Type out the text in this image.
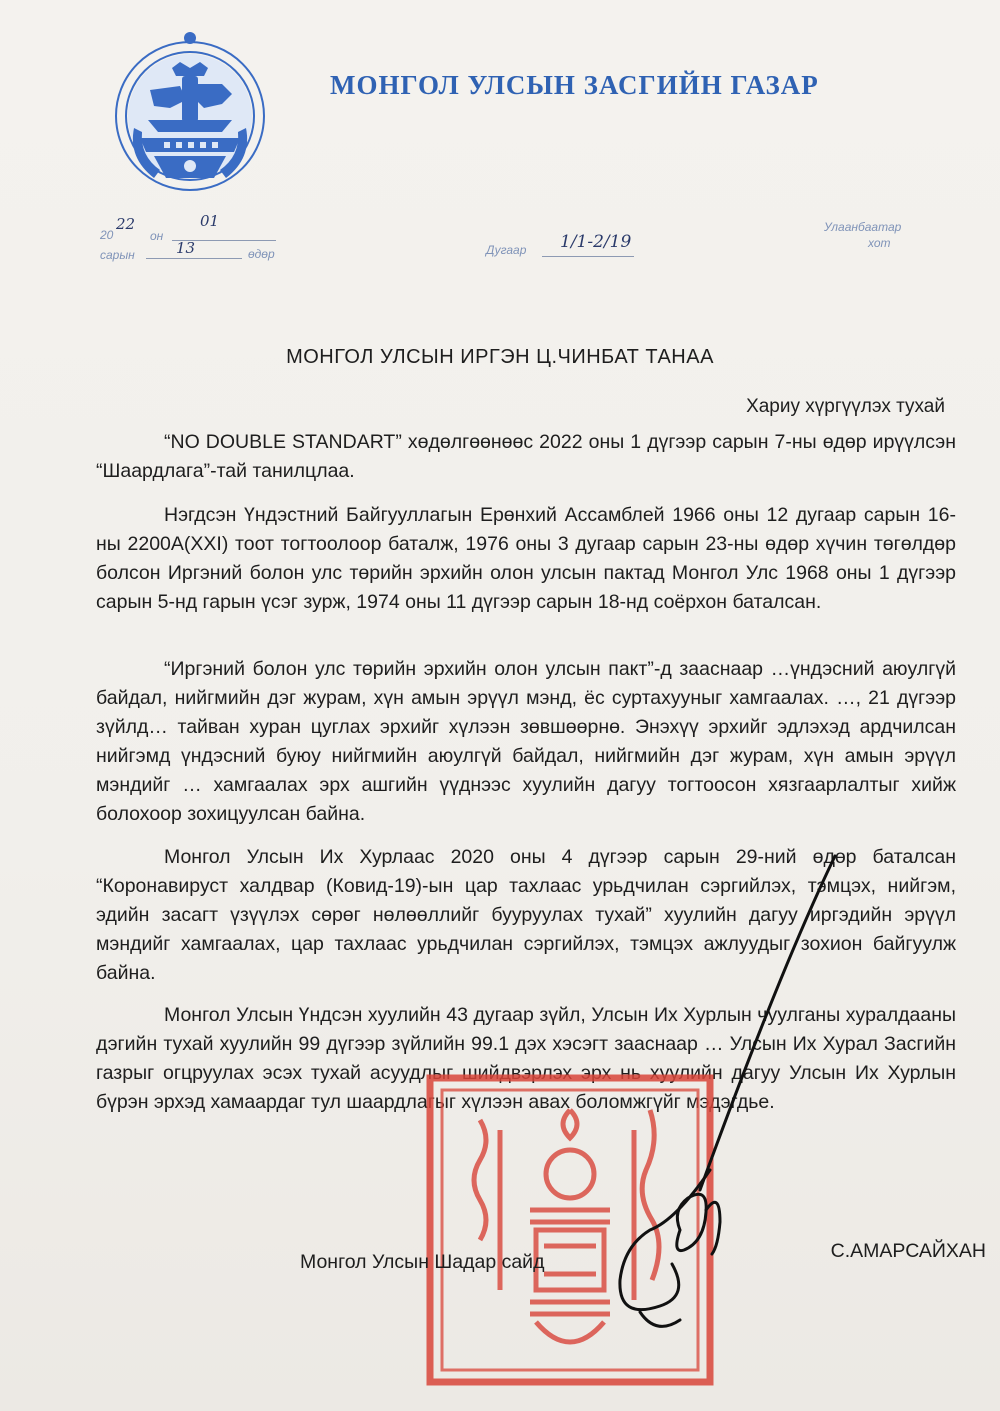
МОНГОЛ УЛСЫН ЗАСГИЙН ГАЗАР
20
22
он
01
сарын	13	өдөр	Дугаар 1/1-2/19
Улаанбаатар
хот
МОНГОЛ УЛСЫН ИРГЭН Ц.ЧИНБАТ ТАНАА
Хариу хүргүүлэх тухай

“NO DOUBLE STANDART” хөдөлгөөнөөс 2022 оны 1 дүгээр сарын 7-ны өдөр ирүүлсэн “Шаардлага”-тай танилцлаа.

Нэгдсэн Үндэстний Байгууллагын Ерөнхий Ассамблей 1966 оны 12 дугаар сарын 16-ны 2200А(XXI) тоот тогтоолоор баталж, 1976 оны 3 дугаар сарын 23-ны өдөр хүчин төгөлдөр болсон Иргэний болон улс төрийн эрхийн олон улсын пактад Монгол Улс 1968 оны 1 дүгээр сарын 5-нд гарын үсэг зурж, 1974 оны 11 дүгээр сарын 18-нд соёрхон баталсан.

“Иргэний болон улс төрийн эрхийн олон улсын пакт”-д зааснаар …үндэсний аюулгүй байдал, нийгмийн дэг журам, хүн амын эрүүл мэнд, ёс суртахууныг хамгаалах. …, 21 дүгээр зүйлд… тайван хуран цуглах эрхийг хүлээн зөвшөөрнө. Энэхүү эрхийг эдлэхэд ардчилсан нийгэмд үндэсний буюу нийгмийн аюулгүй байдал, нийгмийн дэг журам, хүн амын эрүүл мэндийг … хамгаалах эрх ашгийн үүднээс хуулийн дагуу тогтоосон хязгаарлалтыг хийж болохоор зохицуулсан байна.

Монгол Улсын Их Хурлаас 2020 оны 4 дүгээр сарын 29-ний өдөр баталсан “Коронавируст халдвар (Ковид-19)-ын цар тахлаас урьдчилан сэргийлэх, тэмцэх, нийгэм, эдийн засагт үзүүлэх сөрөг нөлөөллийг бууруулах тухай” хуулийн дагуу иргэдийн эрүүл мэндийг хамгаалах, цар тахлаас урьдчилан сэргийлэх, тэмцэх ажлуудыг зохион байгуулж байна.

Монгол Улсын Үндсэн хуулийн 43 дугаар зүйл, Улсын Их Хурлын чуулганы хуралдааны дэгийн тухай хуулийн 99 дүгээр зүйлийн 99.1 дэх хэсэгт зааснаар … Улсын Их Хурал Засгийн газрыг огцруулах эсэх тухай асуудлыг шийдвэрлэх эрх нь хуулийн дагуу Улсын Их Хурлын бүрэн эрхэд хамаардаг тул шаардлагыг хүлээн авах боломжгүйг мэдэгдье.

Монгол Улсын Шадар сайд	С.АМАРСАЙХАН
